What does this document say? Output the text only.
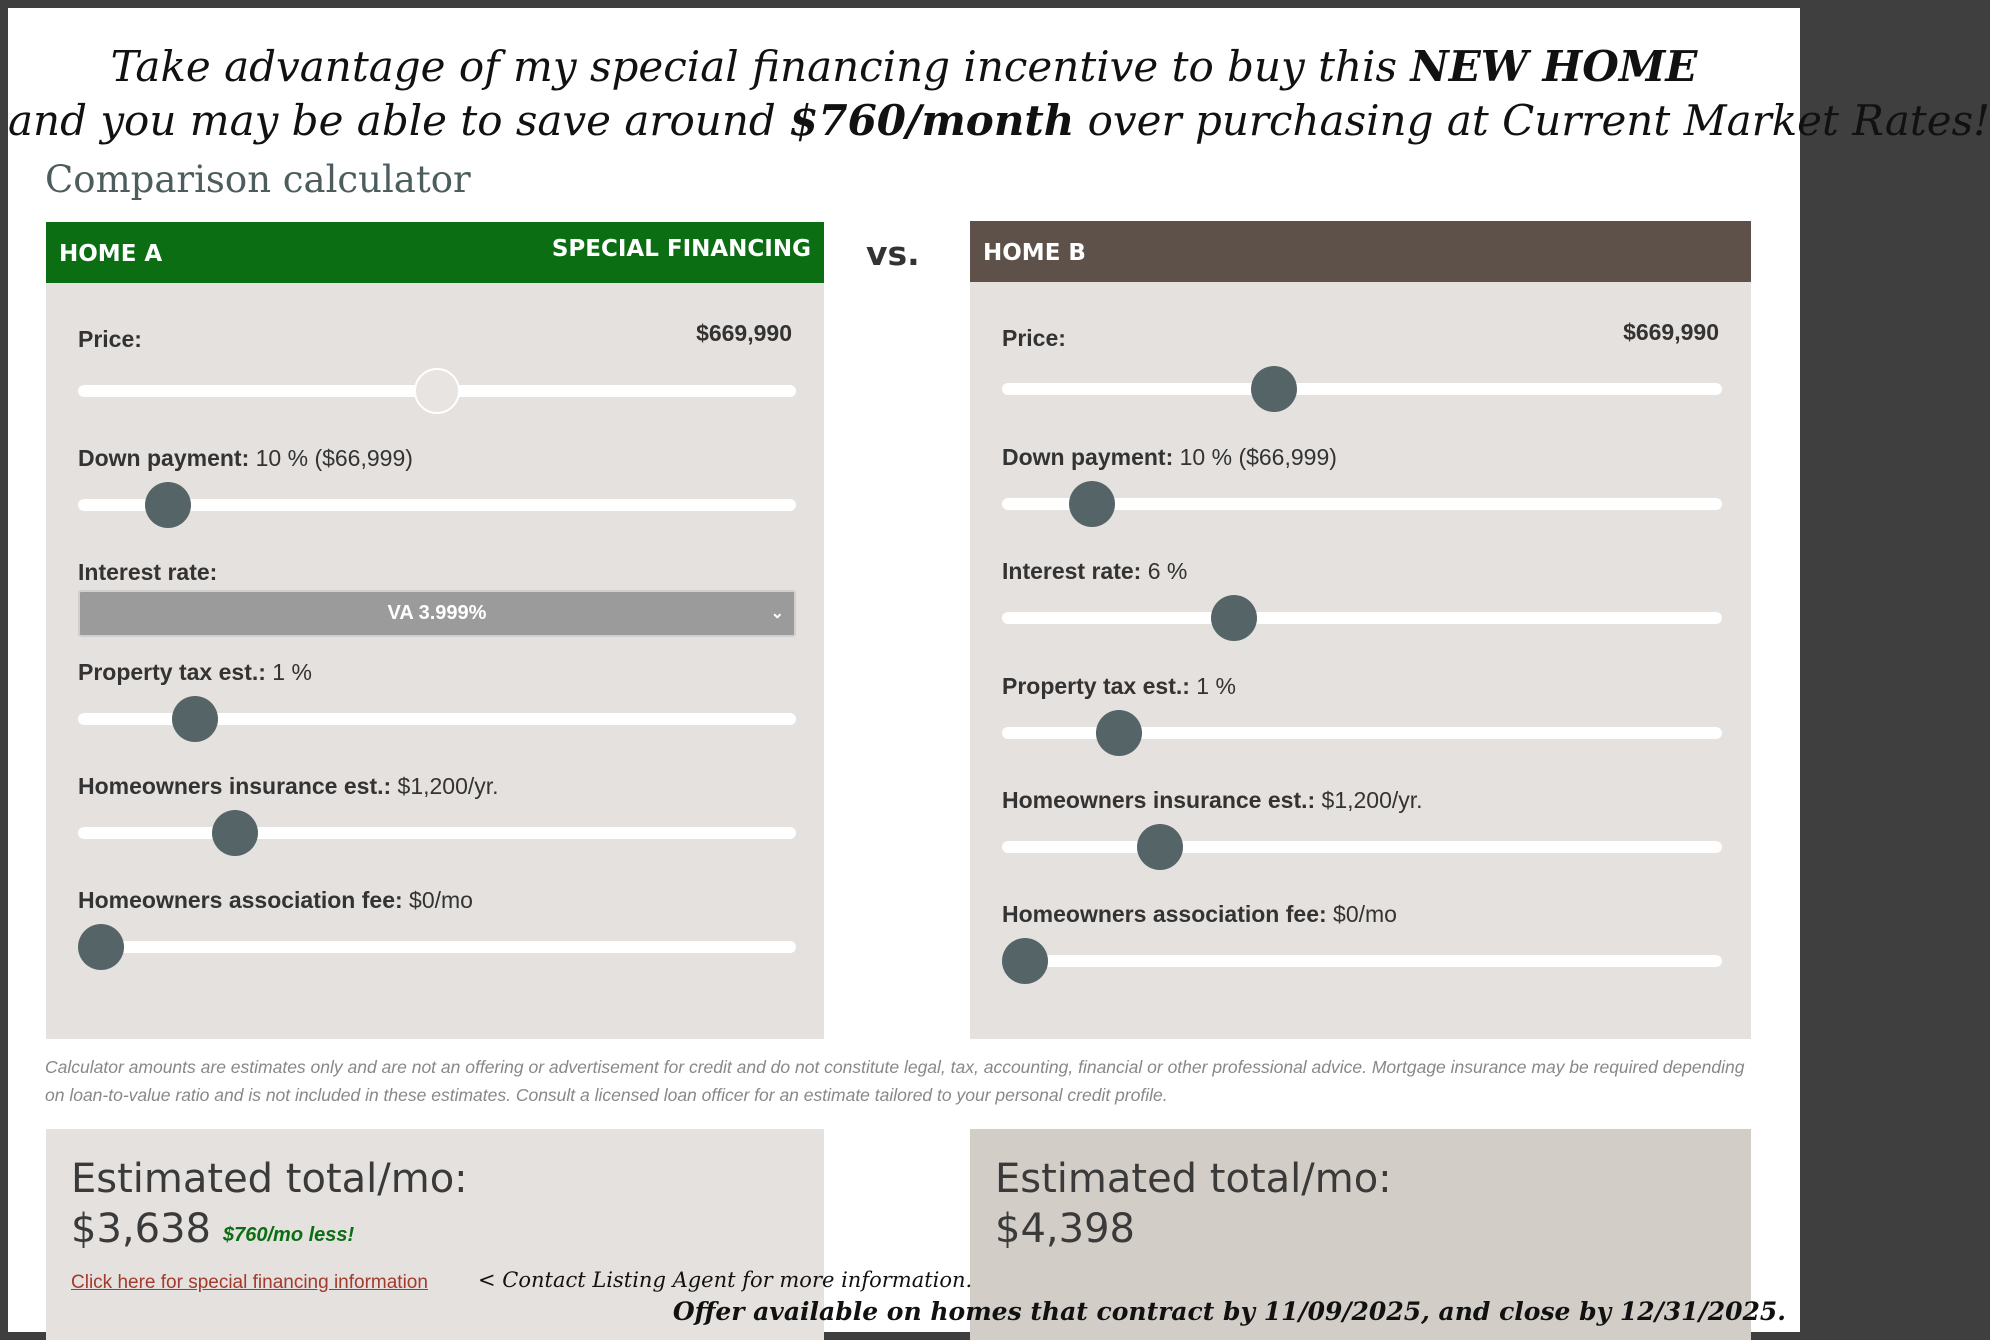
Take advantage of my special financing incentive to buy this NEW HOME
and you may be able to save around $760/month over purchasing at Current Market Rates!
Comparison calculator
HOME A	SPECIAL FINANCING vs.	HOME B
Price:	$669,990
Down payment: 10 % ($66,999)
Interest rate:
VA 3.999%	⌄
Property tax est.: 1 %
Homeowners insurance est.: $1,200/yr.
Homeowners association fee: $0/mo
Price:	$669,990
Down payment: 10 % ($66,999)
Interest rate: 6 %
Property tax est.: 1 %
Homeowners insurance est.: $1,200/yr.
Homeowners association fee: $0/mo
Calculator amounts are estimates only and are not an offering or advertisement for credit and do not constitute legal, tax, accounting, financial or other professional advice. Mortgage insurance may be required depending on loan-to-value ratio and is not included in these estimates. Consult a licensed loan officer for an estimate tailored to your personal credit profile.
Estimated total/mo:
$3,638 $760/mo less!
Click here for special financing information
Estimated total/mo:
$4,398
< Contact Listing Agent for more information.
Offer available on homes that contract by 11/09/2025, and close by 12/31/2025.
